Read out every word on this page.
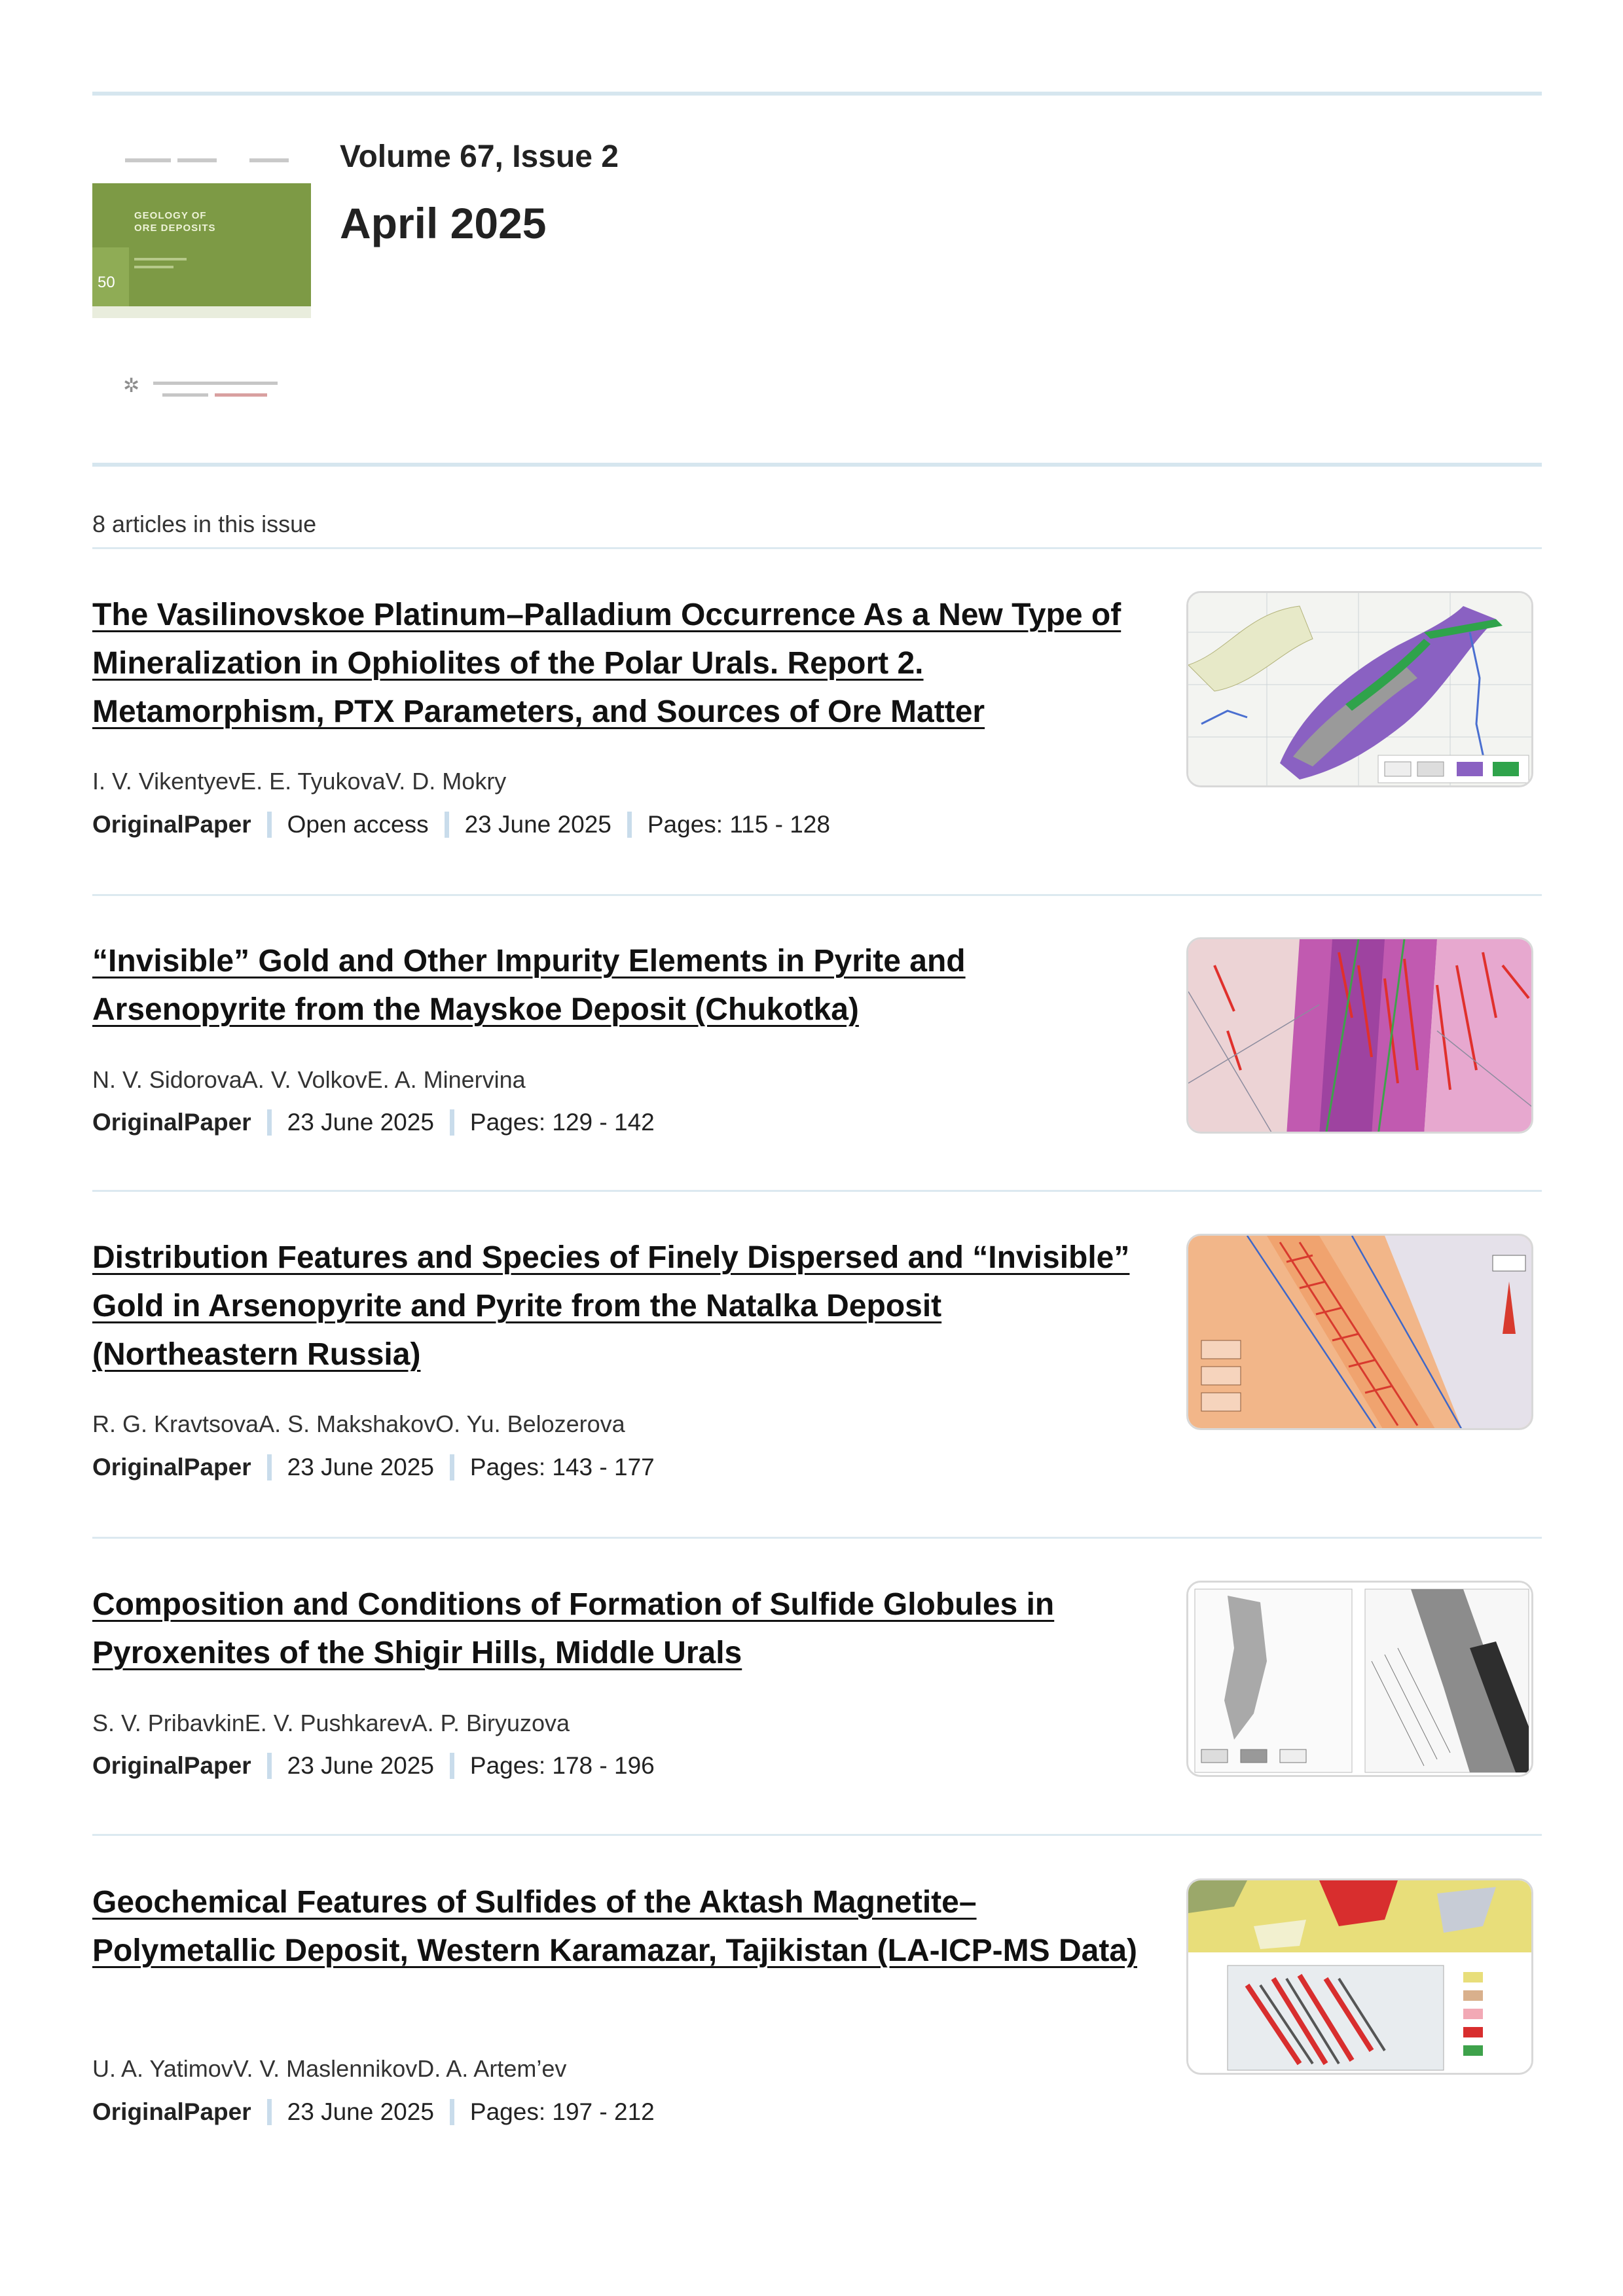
GEOLOGY OF
ORE DEPOSITS
50
✲
Volume 67, Issue 2
April 2025
8 articles in this issue
The Vasilinovskoe Platinum–Palladium Occurrence As a New Type of Mineralization in Ophiolites of the Polar Urals. Report 2. Metamorphism, PTX Parameters, and Sources of Ore Matter
I. V. VikentyevE. E. TyukovaV. D. Mokry
OriginalPaper Open access 23 June 2025 Pages: 115 - 128
“Invisible” Gold and Other Impurity Elements in Pyrite and Arsenopyrite from the Mayskoe Deposit (Chukotka)
N. V. SidorovaA. V. VolkovE. A. Minervina
OriginalPaper 23 June 2025 Pages: 129 - 142
Distribution Features and Species of Finely Dispersed and “Invisible” Gold in Arsenopyrite and Pyrite from the Natalka Deposit (Northeastern Russia)
R. G. KravtsovaA. S. MakshakovO. Yu. Belozerova
OriginalPaper 23 June 2025 Pages: 143 - 177
Composition and Conditions of Formation of Sulfide Globules in Pyroxenites of the Shigir Hills, Middle Urals
S. V. PribavkinE. V. PushkarevA. P. Biryuzova
OriginalPaper 23 June 2025 Pages: 178 - 196
Geochemical Features of Sulfides of the Aktash Magnetite–Polymetallic Deposit, Western Karamazar, Tajikistan (LA-ICP-MS Data)
U. A. YatimovV. V. MaslennikovD. A. Artem’ev
OriginalPaper 23 June 2025 Pages: 197 - 212
